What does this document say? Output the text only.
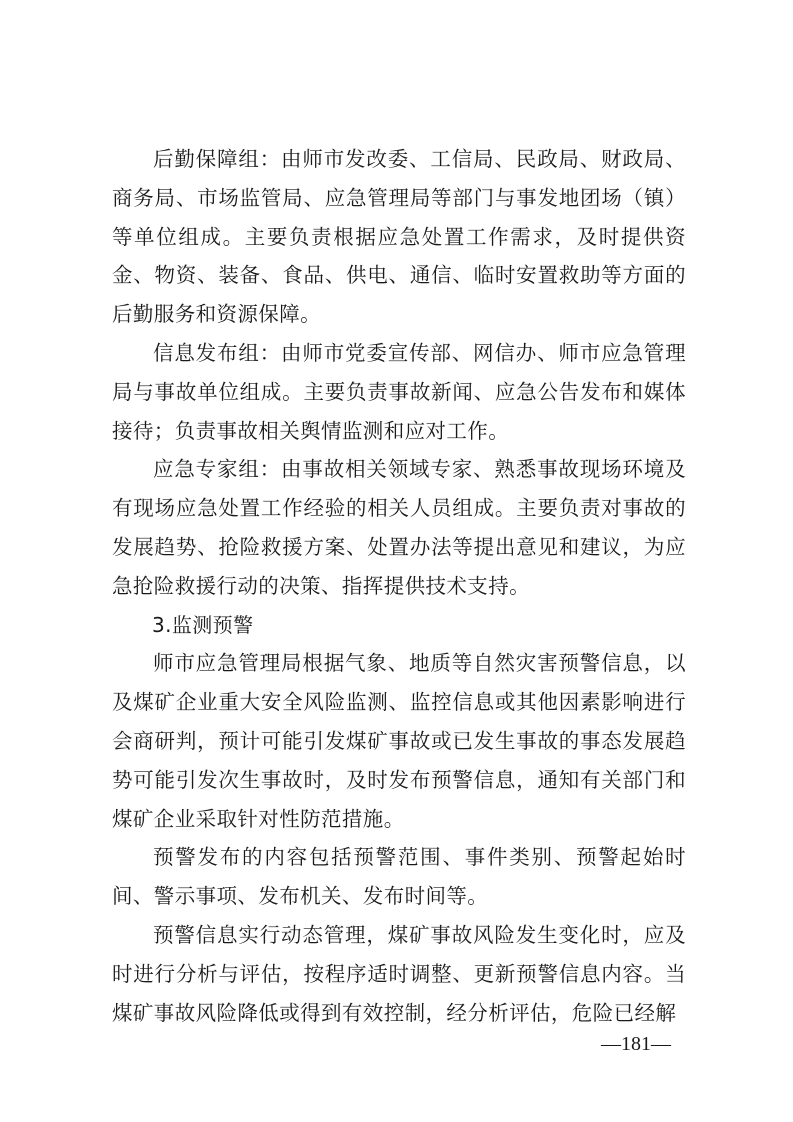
后勤保障组：由师市发改委、工信局、民政局、财政局、商务局、市场监管局、应急管理局等部门与事发地团场（镇）等单位组成。主要负责根据应急处置工作需求，及时提供资金、物资、装备、食品、供电、通信、临时安置救助等方面的后勤服务和资源保障。

信息发布组：由师市党委宣传部、网信办、师市应急管理局与事故单位组成。主要负责事故新闻、应急公告发布和媒体接待；负责事故相关舆情监测和应对工作。

应急专家组：由事故相关领域专家、熟悉事故现场环境及有现场应急处置工作经验的相关人员组成。主要负责对事故的发展趋势、抢险救援方案、处置办法等提出意见和建议，为应急抢险救援行动的决策、指挥提供技术支持。

3.监测预警

师市应急管理局根据气象、地质等自然灾害预警信息，以及煤矿企业重大安全风险监测、监控信息或其他因素影响进行会商研判，预计可能引发煤矿事故或已发生事故的事态发展趋势可能引发次生事故时，及时发布预警信息，通知有关部门和煤矿企业采取针对性防范措施。

预警发布的内容包括预警范围、事件类别、预警起始时间、警示事项、发布机关、发布时间等。

预警信息实行动态管理，煤矿事故风险发生变化时，应及时进行分析与评估，按程序适时调整、更新预警信息内容。当煤矿事故风险降低或得到有效控制，经分析评估，危险已经解

—181—
